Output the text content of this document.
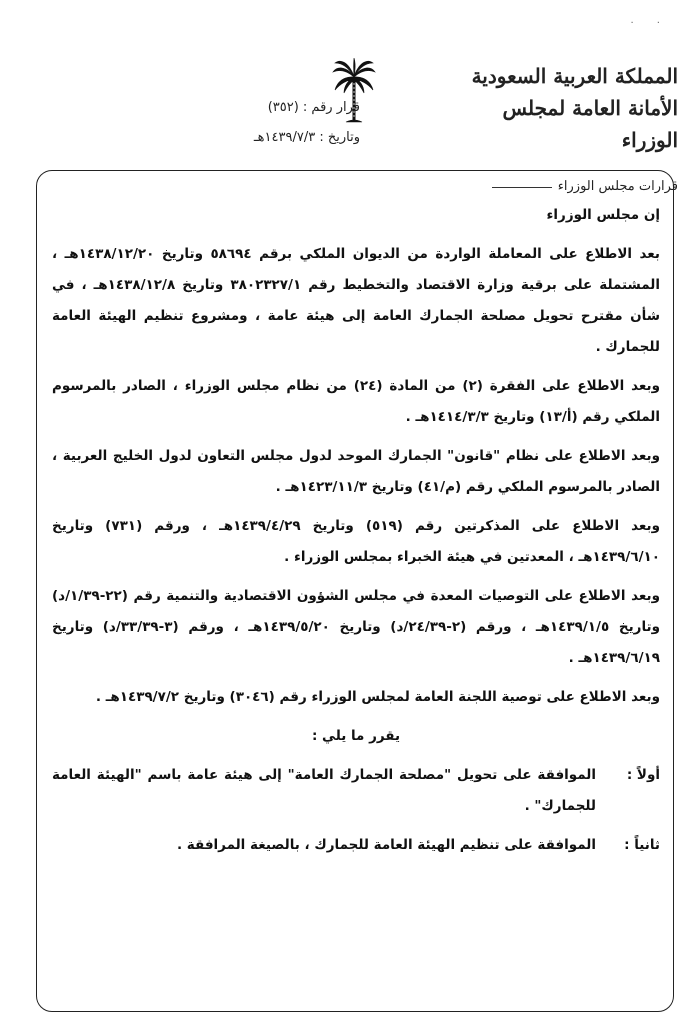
· ·
المملكة العربية السعودية
الأمانة العامة لمجلس الوزراء
قرارات مجلس الوزراء
قرار رقم : (٣٥٢)
وتاريخ : ١٤٣٩/٧/٣هـ

إن مجلس الوزراء

بعد الاطلاع على المعاملة الواردة من الديوان الملكي برقم ٥٨٦٩٤ وتاريخ ١٤٣٨/١٢/٢٠هـ ، المشتملة على برقية وزارة الاقتصاد والتخطيط رقم ٣٨٠٢٣٢٧/١ وتاريخ ١٤٣٨/١٢/٨هـ ، في شأن مقترح تحويل مصلحة الجمارك العامة إلى هيئة عامة ، ومشروع تنظيم الهيئة العامة للجمارك .

وبعد الاطلاع على الفقرة (٢) من المادة (٢٤) من نظام مجلس الوزراء ، الصادر بالمرسوم الملكي رقم (أ/١٣) وتاريخ ١٤١٤/٣/٣هـ .

وبعد الاطلاع على نظام "قانون" الجمارك الموحد لدول مجلس التعاون لدول الخليج العربية ، الصادر بالمرسوم الملكي رقم (م/٤١) وتاريخ ١٤٢٣/١١/٣هـ .

وبعد الاطلاع على المذكرتين رقم (٥١٩) وتاريخ ١٤٣٩/٤/٢٩هـ ، ورقم (٧٣١) وتاريخ ١٤٣٩/٦/١٠هـ ، المعدتين في هيئة الخبراء بمجلس الوزراء .

وبعد الاطلاع على التوصيات المعدة في مجلس الشؤون الاقتصادية والتنمية رقم (٢٢-١/٣٩/د) وتاريخ ١٤٣٩/١/٥هـ ، ورقم (٢-٢٤/٣٩/د) وتاريخ ١٤٣٩/٥/٢٠هـ ، ورقم (٣-٣٣/٣٩/د) وتاريخ ١٤٣٩/٦/١٩هـ .

وبعد الاطلاع على توصية اللجنة العامة لمجلس الوزراء رقم (٣٠٤٦) وتاريخ ١٤٣٩/٧/٢هـ .

يقرر ما يلي :
أولاً :
الموافقة على تحويل "مصلحة الجمارك العامة" إلى هيئة عامة باسم "الهيئة العامة للجمارك" .
ثانياً :
الموافقة على تنظيم الهيئة العامة للجمارك ، بالصيغة المرافقة .
